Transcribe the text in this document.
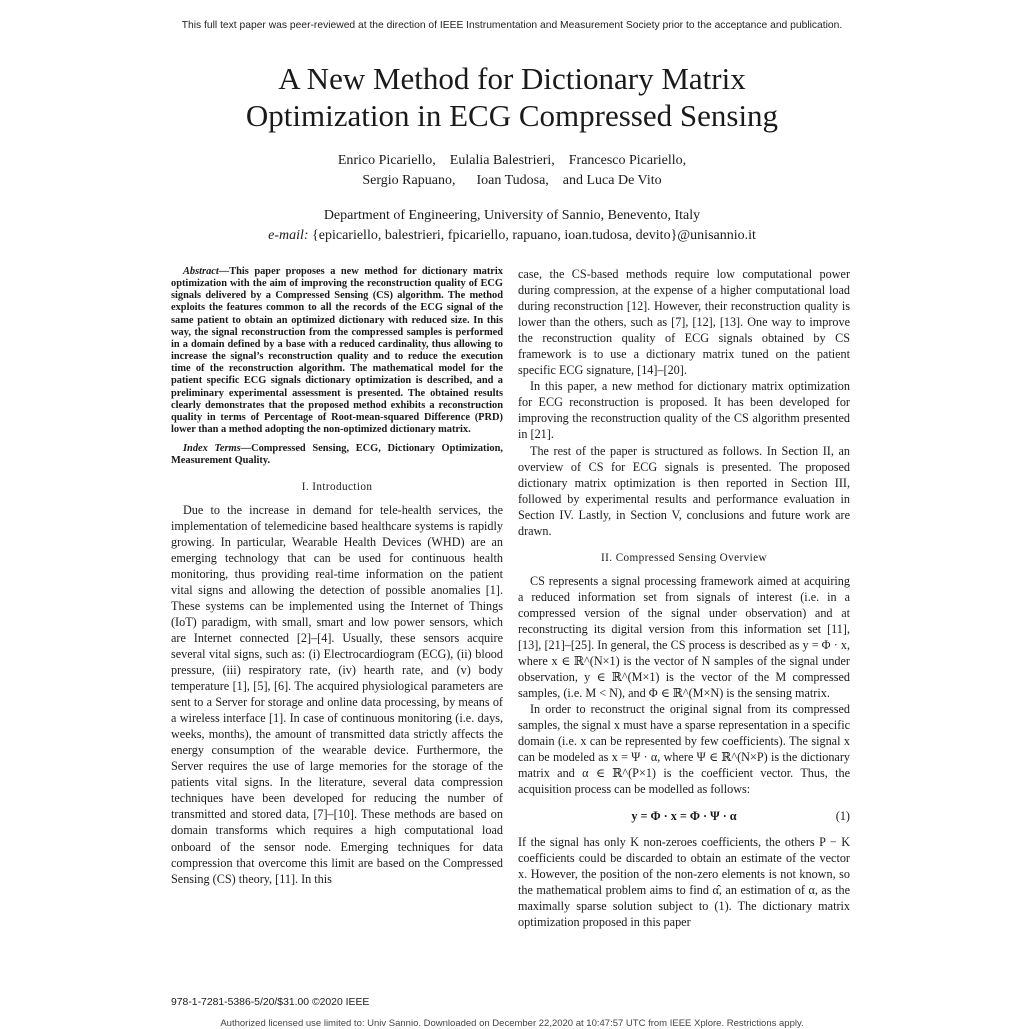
This full text paper was peer-reviewed at the direction of IEEE Instrumentation and Measurement Society prior to the acceptance and publication.
A New Method for Dictionary Matrix
Optimization in ECG Compressed Sensing
Enrico Picariello,    Eulalia Balestrieri,    Francesco Picariello,
Sergio Rapuano,      Ioan Tudosa,    and Luca De Vito
Department of Engineering, University of Sannio, Benevento, Italy
e-mail: {epicariello, balestrieri, fpicariello, rapuano, ioan.tudosa, devito}@unisannio.it

Abstract—This paper proposes a new method for dictionary matrix optimization with the aim of improving the reconstruction quality of ECG signals delivered by a Compressed Sensing (CS) algorithm. The method exploits the features common to all the records of the ECG signal of the same patient to obtain an optimized dictionary with reduced size. In this way, the signal reconstruction from the compressed samples is performed in a domain defined by a base with a reduced cardinality, thus allowing to increase the signal’s reconstruction quality and to reduce the execution time of the reconstruction algorithm. The mathematical model for the patient specific ECG signals dictionary optimization is described, and a preliminary experimental assessment is presented. The obtained results clearly demonstrates that the proposed method exhibits a reconstruction quality in terms of Percentage of Root-mean-squared Difference (PRD) lower than a method adopting the non-optimized dictionary matrix.

Index Terms—Compressed Sensing, ECG, Dictionary Optimization, Measurement Quality.

I. Introduction

Due to the increase in demand for tele-health services, the implementation of telemedicine based healthcare systems is rapidly growing. In particular, Wearable Health Devices (WHD) are an emerging technology that can be used for continuous health monitoring, thus providing real-time information on the patient vital signs and allowing the detection of possible anomalies [1]. These systems can be implemented using the Internet of Things (IoT) paradigm, with small, smart and low power sensors, which are Internet connected [2]–[4]. Usually, these sensors acquire several vital signs, such as: (i) Electrocardiogram (ECG), (ii) blood pressure, (iii) respiratory rate, (iv) hearth rate, and (v) body temperature [1], [5], [6]. The acquired physiological parameters are sent to a Server for storage and online data processing, by means of a wireless interface [1]. In case of continuous monitoring (i.e. days, weeks, months), the amount of transmitted data strictly affects the energy consumption of the wearable device. Furthermore, the Server requires the use of large memories for the storage of the patients vital signs. In the literature, several data compression techniques have been developed for reducing the number of transmitted and stored data, [7]–[10]. These methods are based on domain transforms which requires a high computational load onboard of the sensor node. Emerging techniques for data compression that overcome this limit are based on the Compressed Sensing (CS) theory, [11]. In this

case, the CS-based methods require low computational power during compression, at the expense of a higher computational load during reconstruction [12]. However, their reconstruction quality is lower than the others, such as [7], [12], [13]. One way to improve the reconstruction quality of ECG signals obtained by CS framework is to use a dictionary matrix tuned on the patient specific ECG signature, [14]–[20].

In this paper, a new method for dictionary matrix optimization for ECG reconstruction is proposed. It has been developed for improving the reconstruction quality of the CS algorithm presented in [21].

The rest of the paper is structured as follows. In Section II, an overview of CS for ECG signals is presented. The proposed dictionary matrix optimization is then reported in Section III, followed by experimental results and performance evaluation in Section IV. Lastly, in Section V, conclusions and future work are drawn.

II. Compressed Sensing Overview

CS represents a signal processing framework aimed at acquiring a reduced information set from signals of interest (i.e. in a compressed version of the signal under observation) and at reconstructing its digital version from this information set [11], [13], [21]–[25]. In general, the CS process is described as y = Φ · x, where x ∈ ℝ^(N×1) is the vector of N samples of the signal under observation, y ∈ ℝ^(M×1) is the vector of the M compressed samples, (i.e. M < N), and Φ ∈ ℝ^(M×N) is the sensing matrix.

In order to reconstruct the original signal from its compressed samples, the signal x must have a sparse representation in a specific domain (i.e. x can be represented by few coefficients). The signal x can be modeled as x = Ψ · α, where Ψ ∈ ℝ^(N×P) is the dictionary matrix and α ∈ ℝ^(P×1) is the coefficient vector. Thus, the acquisition process can be modelled as follows:

y = Φ · x = Φ · Ψ · α	(1)

If the signal has only K non-zeroes coefficients, the others P − K coefficients could be discarded to obtain an estimate of the vector x. However, the position of the non-zero elements is not known, so the mathematical problem aims to find α̂, an estimation of α, as the maximally sparse solution subject to (1). The dictionary matrix optimization proposed in this paper

978-1-7281-5386-5/20/$31.00 ©2020 IEEE
Authorized licensed use limited to: Univ Sannio. Downloaded on December 22,2020 at 10:47:57 UTC from IEEE Xplore. Restrictions apply.
